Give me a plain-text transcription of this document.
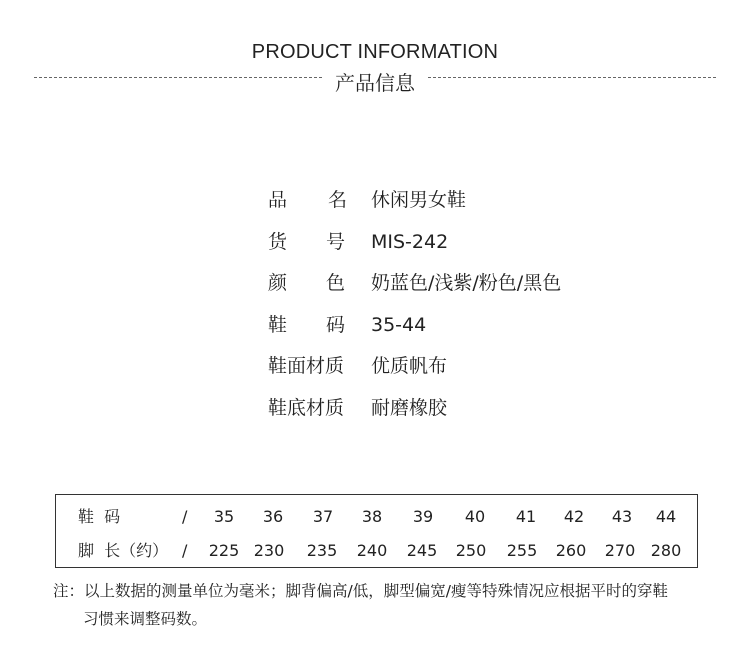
PRODUCT INFORMATION
产品信息
品 名 休闲男女鞋
货 号 MIS-242
颜 色 奶蓝色/浅紫/粉色/黑色
鞋 码 35-44
鞋面材质 优质帆布
鞋底材质 耐磨橡胶
鞋  码	/	35	36	37	38	39	40	41	42	43	44
脚  长（约） / 225 230 235 240 245 250 255 260 270 280
注：以上数据的测量单位为毫米；脚背偏高/低，脚型偏宽/瘦等特殊情况应根据平时的穿鞋
习惯来调整码数。
